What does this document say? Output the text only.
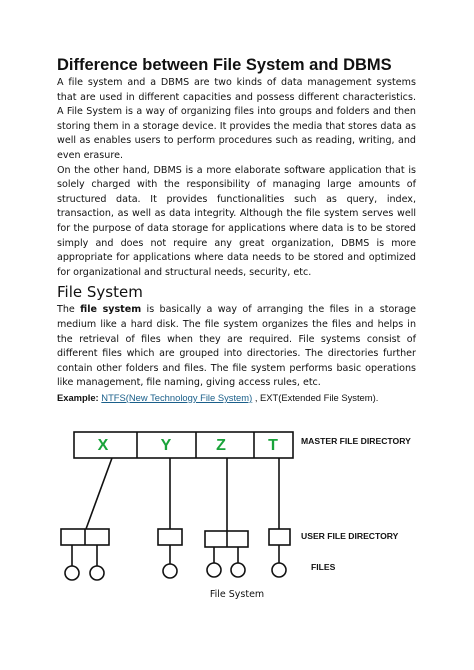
Difference between File System and DBMS

A file system and a DBMS are two kinds of data management systems that are used in different capacities and possess different characteristics. A File System is a way of organizing files into groups and folders and then storing them in a storage device. It provides the media that stores data as well as enables users to perform procedures such as reading, writing, and even erasure.

On the other hand, DBMS is a more elaborate software application that is solely charged with the responsibility of managing large amounts of structured data. It provides functionalities such as query, index, transaction, as well as data integrity. Although the file system serves well for the purpose of data storage for applications where data is to be stored simply and does not require any great organization, DBMS is more appropriate for applications where data needs to be stored and optimized for organizational and structural needs, security, etc.

File System

The file system is basically a way of arranging the files in a storage medium like a hard disk. The file system organizes the files and helps in the retrieval of files when they are required. File systems consist of different files which are grouped into directories. The directories further contain other folders and files. The file system performs basic operations like management, file naming, giving access rules, etc.

Example: NTFS(New Technology File System) , EXT(Extended File System).
X	Y	Z	T	MASTER FILE DIRECTORY
USER FILE DIRECTORY
FILES
File System
